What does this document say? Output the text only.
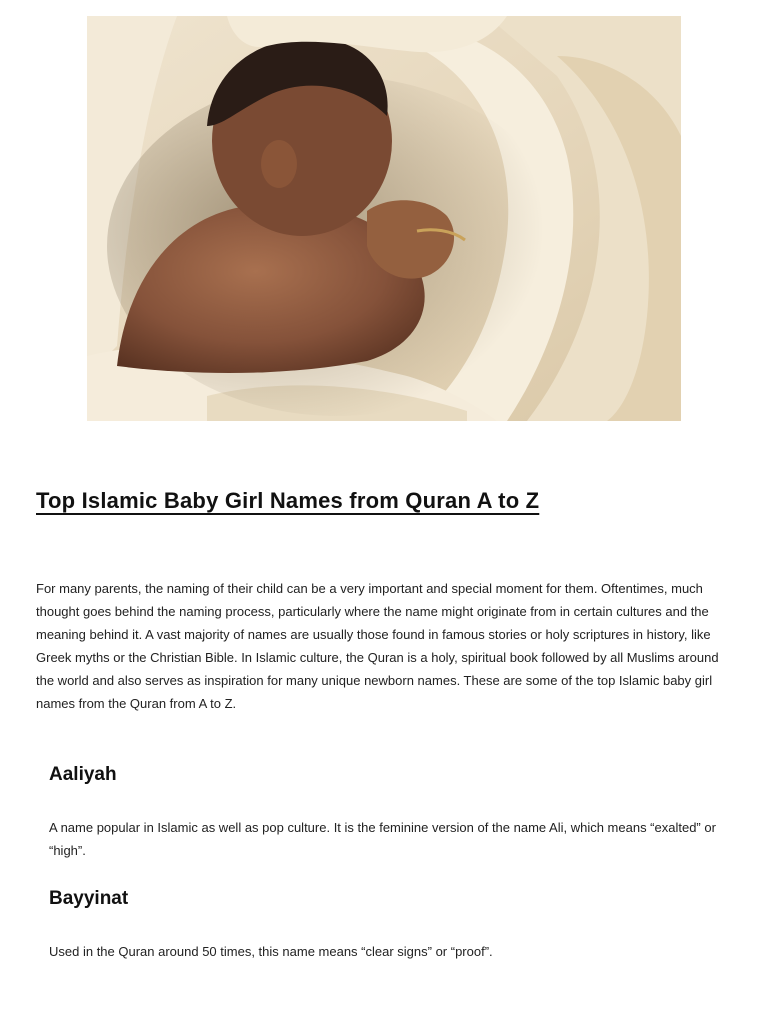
Top Islamic Baby Girl Names from Quran A to Z

For many parents, the naming of their child can be a very important and special moment for them. Oftentimes, much thought goes behind the naming process, particularly where the name might originate from in certain cultures and the meaning behind it. A vast majority of names are usually those found in famous stories or holy scriptures in history, like Greek myths or the Christian Bible. In Islamic culture, the Quran is a holy, spiritual book followed by all Muslims around the world and also serves as inspiration for many unique newborn names. These are some of the top Islamic baby girl names from the Quran from A to Z.

Aaliyah

A name popular in Islamic as well as pop culture. It is the feminine version of the name Ali, which means “exalted” or “high”.

Bayyinat

Used in the Quran around 50 times, this name means “clear signs” or “proof”.
